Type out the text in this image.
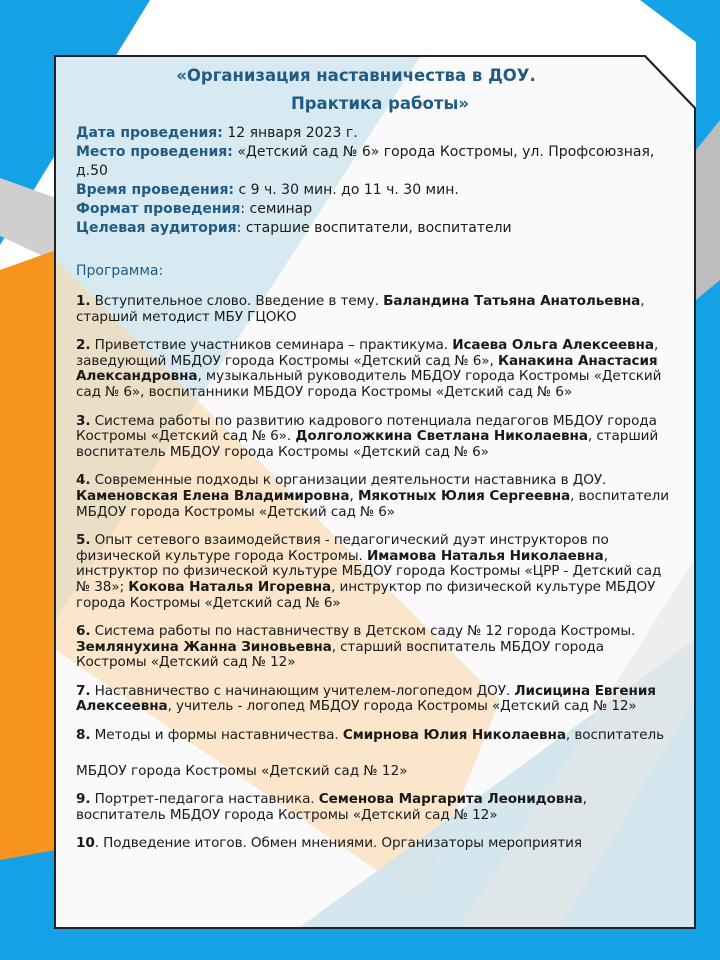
«Организация наставничества в ДОУ.
Практика работы»
Дата проведения: 12 января 2023 г.
Место проведения: «Детский сад № 6» города Костромы, ул. Профсоюзная, д.50
Время проведения: с 9 ч. 30 мин. до 11 ч. 30 мин.
Формат проведения: семинар
Целевая аудитория: старшие воспитатели, воспитатели
Программа:
1. Вступительное слово. Введение в тему. Баландина Татьяна Анатольевна, старший методист МБУ ГЦОКО
2. Приветствие участников семинара – практикума. Исаева Ольга Алексеевна, заведующий МБДОУ города Костромы «Детский сад № 6», Канакина Анастасия Александровна, музыкальный руководитель МБДОУ города Костромы «Детский сад № 6», воспитанники МБДОУ города Костромы «Детский сад № 6»
3. Система работы по развитию кадрового потенциала педагогов МБДОУ города Костромы «Детский сад № 6». Долголожкина Светлана Николаевна, старший воспитатель МБДОУ города Костромы «Детский сад № 6»
4. Современные подходы к организации деятельности наставника в ДОУ. Каменовская Елена Владимировна, Мякотных Юлия Сергеевна, воспитатели МБДОУ города Костромы «Детский сад № 6»
5. Опыт сетевого взаимодействия - педагогический дуэт инструкторов по физической культуре города Костромы. Имамова Наталья Николаевна, инструктор по физической культуре МБДОУ города Костромы «ЦРР - Детский сад № 38»; Кокова Наталья Игоревна, инструктор по физической культуре МБДОУ города Костромы «Детский сад № 6»
6. Система работы по наставничеству в Детском саду № 12 города Костромы. Землянухина Жанна Зиновьевна, старший воспитатель МБДОУ города Костромы «Детский сад № 12»
7. Наставничество с начинающим учителем-логопедом ДОУ. Лисицина Евгения Алексеевна, учитель - логопед МБДОУ города Костромы «Детский сад № 12»
8. Методы и формы наставничества. Смирнова Юлия Николаевна, воспитатель
МБДОУ города Костромы «Детский сад № 12»
9. Портрет-педагога наставника. Семенова Маргарита Леонидовна, воспитатель МБДОУ города Костромы «Детский сад № 12»
10. Подведение итогов. Обмен мнениями. Организаторы мероприятия
